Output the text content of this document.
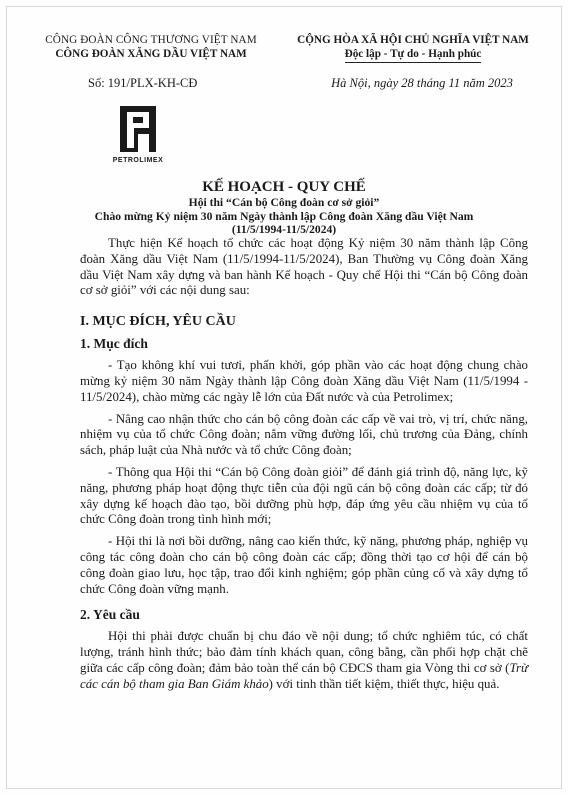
CÔNG ĐOÀN CÔNG THƯƠNG VIỆT NAM
CÔNG ĐOÀN XĂNG DẦU VIỆT NAM
CỘNG HÒA XÃ HỘI CHỦ NGHĨA VIỆT NAM
Độc lập - Tự do - Hạnh phúc
Số: 191/PLX-KH-CĐ	Hà Nội, ngày 28 tháng 11 năm 2023
PETROLIMEX
KẾ HOẠCH - QUY CHẾ
Hội thi “Cán bộ Công đoàn cơ sở giỏi”
Chào mừng Kỷ niệm 30 năm Ngày thành lập Công đoàn Xăng dầu Việt Nam
(11/5/1994-11/5/2024)

Thực hiện Kế hoạch tổ chức các hoạt động Kỷ niệm 30 năm thành lập Công đoàn Xăng dầu Việt Nam (11/5/1994-11/5/2024), Ban Thường vụ Công đoàn Xăng dầu Việt Nam xây dựng và ban hành Kế hoạch - Quy chế Hội thi “Cán bộ Công đoàn cơ sở giỏi” với các nội dung sau:

I. MỤC ĐÍCH, YÊU CẦU
1. Mục đích

- Tạo không khí vui tươi, phấn khởi, góp phần vào các hoạt động chung chào mừng kỷ niệm 30 năm Ngày thành lập Công đoàn Xăng dầu Việt Nam (11/5/1994 - 11/5/2024), chào mừng các ngày lễ lớn của Đất nước và của Petrolimex;

- Nâng cao nhận thức cho cán bộ công đoàn các cấp về vai trò, vị trí, chức năng, nhiệm vụ của tổ chức Công đoàn; nắm vững đường lối, chủ trương của Đảng, chính sách, pháp luật của Nhà nước và tổ chức Công đoàn;

- Thông qua Hội thi “Cán bộ Công đoàn giỏi” để đánh giá trình độ, năng lực, kỹ năng, phương pháp hoạt động thực tiễn của đội ngũ cán bộ công đoàn các cấp; từ đó xây dựng kế hoạch đào tạo, bồi dưỡng phù hợp, đáp ứng yêu cầu nhiệm vụ của tổ chức Công đoàn trong tình hình mới;

- Hội thi là nơi bồi dưỡng, nâng cao kiến thức, kỹ năng, phương pháp, nghiệp vụ công tác công đoàn cho cán bộ công đoàn các cấp; đồng thời tạo cơ hội để cán bộ công đoàn giao lưu, học tập, trao đổi kinh nghiệm; góp phần củng cố và xây dựng tổ chức Công đoàn vững mạnh.

2. Yêu cầu

Hội thi phải được chuẩn bị chu đáo về nội dung; tổ chức nghiêm túc, có chất lượng, tránh hình thức; bảo đảm tính khách quan, công bằng, cần phối hợp chặt chẽ giữa các cấp công đoàn; đảm bảo toàn thể cán bộ CĐCS tham gia Vòng thi cơ sở (Trừ các cán bộ tham gia Ban Giám khảo) với tinh thần tiết kiệm, thiết thực, hiệu quả.
